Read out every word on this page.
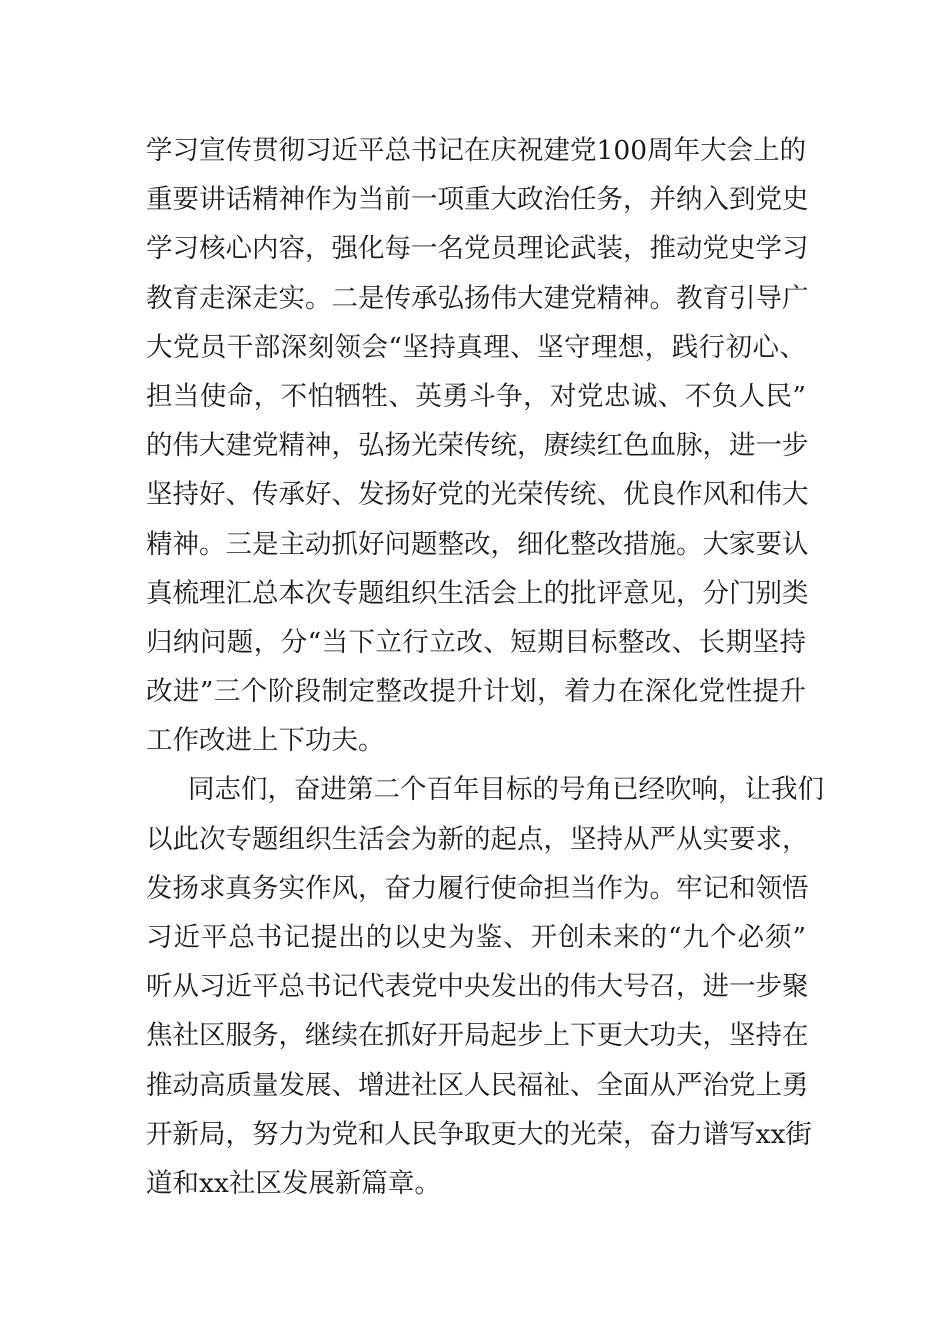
学习宣传贯彻习近平总书记在庆祝建党100周年大会上的
重要讲话精神作为当前一项重大政治任务，并纳入到党史
学习核心内容，强化每一名党员理论武装，推动党史学习
教育走深走实。二是传承弘扬伟大建党精神。教育引导广
大党员干部深刻领会“坚持真理、坚守理想，践行初心、
担当使命，不怕牺牲、英勇斗争，对党忠诚、不负人民”
的伟大建党精神，弘扬光荣传统，赓续红色血脉，进一步
坚持好、传承好、发扬好党的光荣传统、优良作风和伟大
精神。三是主动抓好问题整改，细化整改措施。大家要认
真梳理汇总本次专题组织生活会上的批评意见，分门别类
归纳问题，分“当下立行立改、短期目标整改、长期坚持
改进”三个阶段制定整改提升计划，着力在深化党性提升
工作改进上下功夫。
同志们，奋进第二个百年目标的号角已经吹响，让我们
以此次专题组织生活会为新的起点，坚持从严从实要求，
发扬求真务实作风，奋力履行使命担当作为。牢记和领悟
习近平总书记提出的以史为鉴、开创未来的“九个必须”
听从习近平总书记代表党中央发出的伟大号召，进一步聚
焦社区服务，继续在抓好开局起步上下更大功夫，坚持在
推动高质量发展、增进社区人民福祉、全面从严治党上勇
开新局，努力为党和人民争取更大的光荣，奋力谱写xx街
道和xx社区发展新篇章。
